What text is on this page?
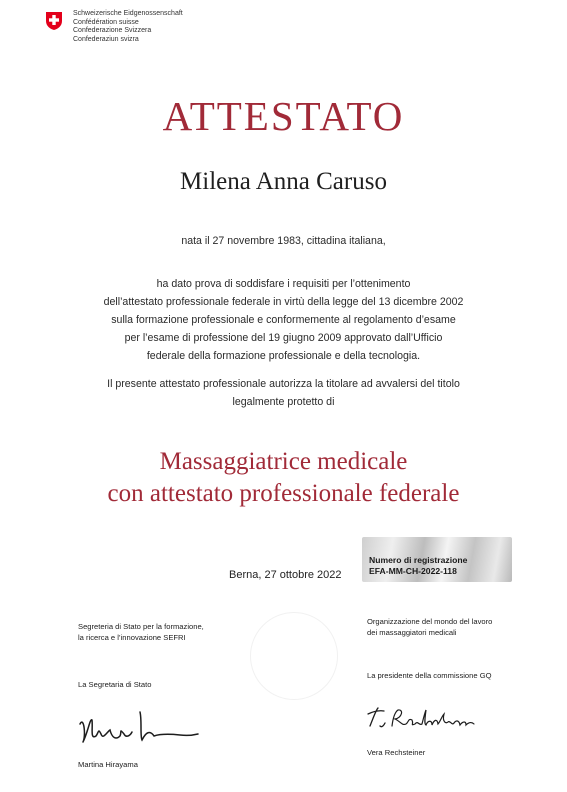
Schweizerische Eidgenossenschaft
Confédération suisse
Confederazione Svizzera
Confederaziun svizra
ATTESTATO
Milena Anna Caruso
nata il 27 novembre 1983, cittadina italiana,
ha dato prova di soddisfare i requisiti per l’ottenimento
dell’attestato professionale federale in virtù della legge del 13 dicembre 2002
sulla formazione professionale e conformemente al regolamento d’esame
per l’esame di professione del 19 giugno 2009 approvato dall’Ufficio
federale della formazione professionale e della tecnologia.
Il presente attestato professionale autorizza la titolare ad avvalersi del titolo
legalmente protetto di
Massaggiatrice medicale
con attestato professionale federale
Berna, 27 ottobre 2022
Numero di registrazione
EFA-MM-CH-2022-118
Segreteria di Stato per la formazione,
la ricerca e l’innovazione SEFRI
La Segretaria di Stato
Martina Hirayama
Organizzazione del mondo del lavoro
dei massaggiatori medicali
La presidente della commissione GQ
Vera Rechsteiner
